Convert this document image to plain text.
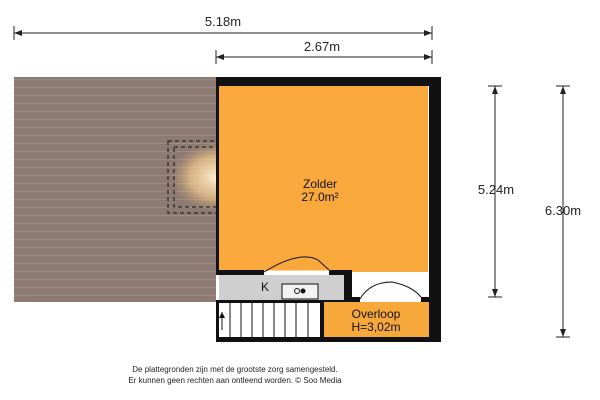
5.18m
2.67m
5.24m
6.30m
K
Zolder
27.0m²
Overloop
H=3,02m
De plattegronden zijn met de grootste zorg samengesteld.
Er kunnen geen rechten aan ontleend worden. © Soo Media
